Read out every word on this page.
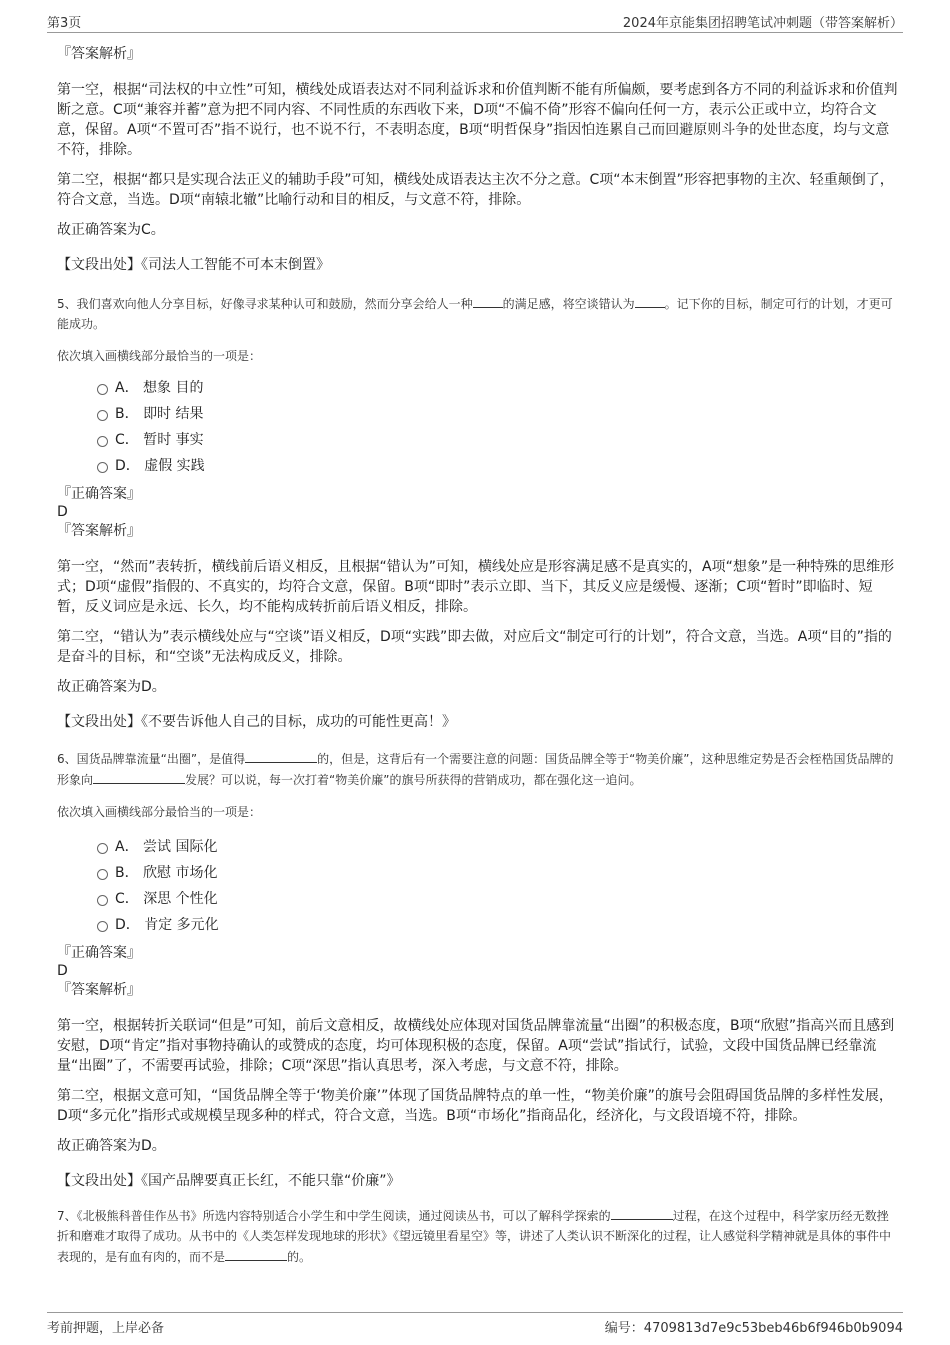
第3页	2024年京能集团招聘笔试冲刺题（带答案解析）

『答案解析』

第一空，根据“司法权的中立性”可知，横线处成语表达对不同利益诉求和价值判断不能有所偏颇，要考虑到各方不同的利益诉求和价值判断之意。C项“兼容并蓄”意为把不同内容、不同性质的东西收下来，D项“不偏不倚”形容不偏向任何一方，表示公正或中立，均符合文意，保留。A项“不置可否”指不说行，也不说不行，不表明态度，B项“明哲保身”指因怕连累自己而回避原则斗争的处世态度，均与文意不符，排除。

第二空，根据“都只是实现合法正义的辅助手段”可知，横线处成语表达主次不分之意。C项“本末倒置”形容把事物的主次、轻重颠倒了，符合文意，当选。D项“南辕北辙”比喻行动和目的相反，与文意不符，排除。

故正确答案为C。

【文段出处】《司法人工智能不可本末倒置》

5、我们喜欢向他人分享目标，好像寻求某种认可和鼓励，然而分享会给人一种	的满足感，将空谈错认为	。记下你的目标，制定可行的计划，才更可能成功。

依次填入画横线部分最恰当的一项是：

A． 想象 目的
B． 即时 结果
C． 暂时 事实
D． 虚假 实践

『正确答案』

D

『答案解析』

第一空，“然而”表转折，横线前后语义相反，且根据“错认为”可知，横线处应是形容满足感不是真实的，A项“想象”是一种特殊的思维形式；D项“虚假”指假的、不真实的，均符合文意，保留。B项“即时”表示立即、当下，其反义应是缓慢、逐渐；C项“暂时”即临时、短暂，反义词应是永远、长久，均不能构成转折前后语义相反，排除。

第二空，“错认为”表示横线处应与“空谈”语义相反，D项“实践”即去做，对应后文“制定可行的计划”，符合文意，当选。A项“目的”指的是奋斗的目标，和“空谈”无法构成反义，排除。

故正确答案为D。

【文段出处】《不要告诉他人自己的目标，成功的可能性更高！》

6、国货品牌靠流量“出圈”，是值得	的，但是，这背后有一个需要注意的问题：国货品牌全等于“物美价廉”，这种思维定势是否会桎梏国货品牌的形象向	发展？可以说，每一次打着“物美价廉”的旗号所获得的营销成功，都在强化这一追问。

依次填入画横线部分最恰当的一项是：

A． 尝试 国际化
B． 欣慰 市场化
C． 深思 个性化
D． 肯定 多元化

『正确答案』

D

『答案解析』

第一空，根据转折关联词“但是”可知，前后文意相反，故横线处应体现对国货品牌靠流量“出圈”的积极态度，B项“欣慰”指高兴而且感到安慰，D项“肯定”指对事物持确认的或赞成的态度，均可体现积极的态度，保留。A项“尝试”指试行，试验，文段中国货品牌已经靠流量“出圈”了，不需要再试验，排除；C项“深思”指认真思考，深入考虑，与文意不符，排除。

第二空，根据文意可知，“国货品牌全等于‘物美价廉’”体现了国货品牌特点的单一性，“物美价廉”的旗号会阻碍国货品牌的多样性发展，D项“多元化”指形式或规模呈现多种的样式，符合文意，当选。B项“市场化”指商品化，经济化，与文段语境不符，排除。

故正确答案为D。

【文段出处】《国产品牌要真正长红，不能只靠“价廉”》

7、《北极熊科普佳作丛书》所选内容特别适合小学生和中学生阅读，通过阅读丛书，可以了解科学探索的	过程，在这个过程中，科学家历经无数挫折和磨难才取得了成功。从书中的《人类怎样发现地球的形状》《望远镜里看星空》等，讲述了人类认识不断深化的过程，让人感觉科学精神就是具体的事件中表现的，是有血有肉的，而不是	的。

考前押题，上岸必备	编号：4709813d7e9c53beb46b6f946b0b9094
